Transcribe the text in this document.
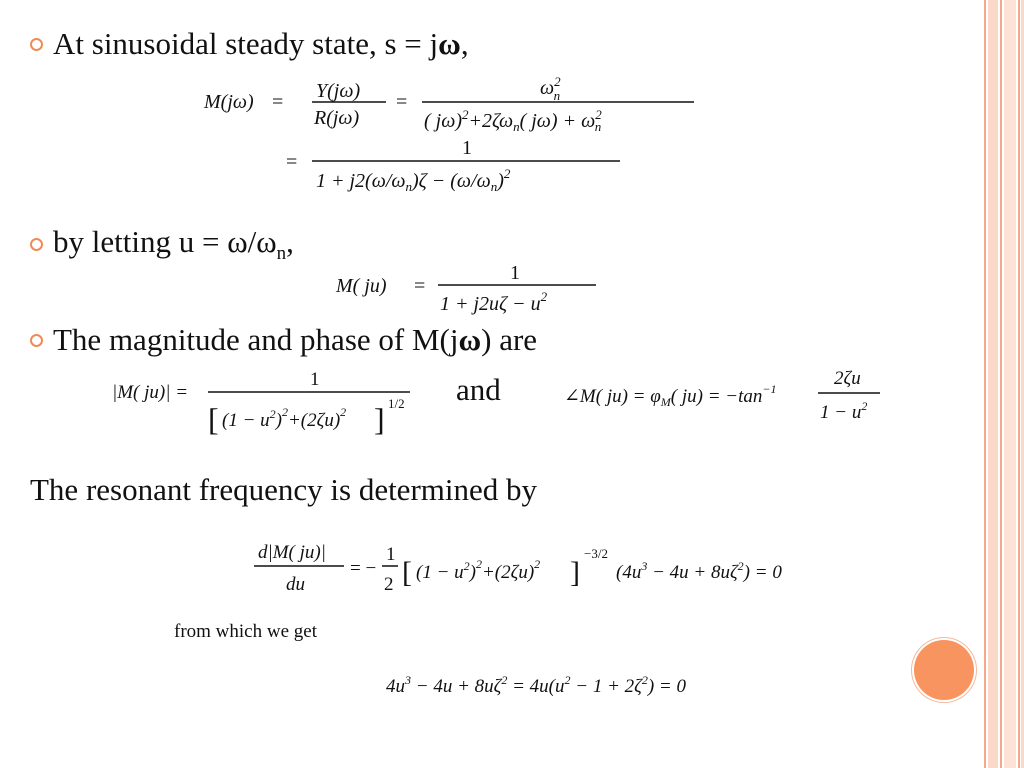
At sinusoidal steady state, s = jω,
M(jω) = Y(jω)
R(jω)
=
$\omega^2$ n
( $j\omega)^2+2\zeta\omega_n$( $j\omega) + \omega^2$ n
=
1
$1 + j2(\omega/\omega_n)\zeta - (\omega/\omega_n)^2$
by letting $u = \omega/\omega_n$,
M( ju) =
1
$1 + j2u\zeta - u^2$
The magnitude and phase of M(jω) are
|M( ju)| =
1
[ $(1 - u^2)^2+(2\zeta u)^2$ ] 1/2 and	∠M( $ju) = \varphi_M$( $ju) = -\tan^{-1}$	2ζu
$1 - u^2$
The resonant frequency is determined by
d|M( ju)|
du
= −
1
2 [ $(1 - u^2)^2+(2\zeta u)^2$ ]
−3/2
$(4u^3 - 4u + 8u\zeta^2) = 0$
from which we get
$4u^3 - 4u + 8u\zeta^2 = 4u(u^2 - 1 + 2\zeta^2) = 0$
